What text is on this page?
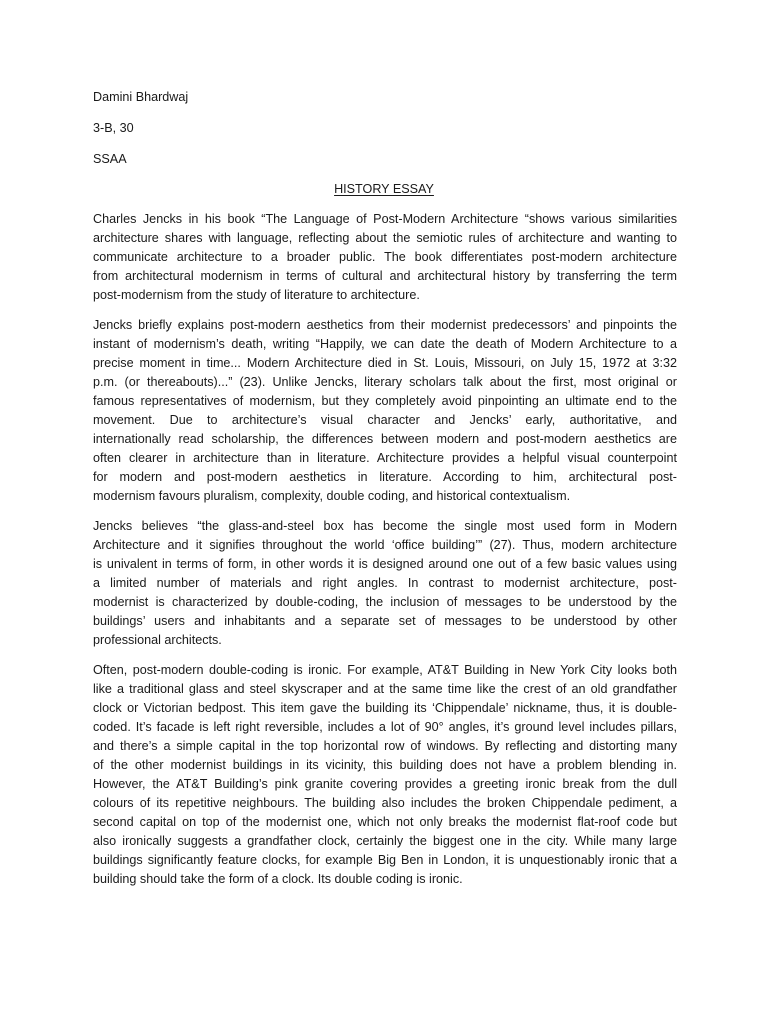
Damini Bhardwaj

3-B, 30

SSAA

HISTORY ESSAY

Charles Jencks in his book “The Language of Post-Modern Architecture “shows various similarities
architecture shares with language, reflecting about the semiotic rules of architecture and wanting to
communicate architecture to a broader public. The book differentiates post-modern architecture
from architectural modernism in terms of cultural and architectural history by transferring the term
post-modernism from the study of literature to architecture.
Jencks briefly explains post-modern aesthetics from their modernist predecessors’ and pinpoints the
instant of modernism’s death, writing “Happily, we can date the death of Modern Architecture to a
precise moment in time... Modern Architecture died in St. Louis, Missouri, on July 15, 1972 at 3:32
p.m. (or thereabouts)...” (23). Unlike Jencks, literary scholars talk about the first, most original or
famous representatives of modernism, but they completely avoid pinpointing an ultimate end to the
movement. Due to architecture’s visual character and Jencks’ early, authoritative, and
internationally read scholarship, the differences between modern and post-modern aesthetics are
often clearer in architecture than in literature. Architecture provides a helpful visual counterpoint
for modern and post-modern aesthetics in literature. According to him, architectural post-
modernism favours pluralism, complexity, double coding, and historical contextualism.
Jencks believes “the glass-and-steel box has become the single most used form in Modern
Architecture and it signifies throughout the world ‘office building’” (27). Thus, modern architecture
is univalent in terms of form, in other words it is designed around one out of a few basic values using
a limited number of materials and right angles. In contrast to modernist architecture, post-
modernist is characterized by double-coding, the inclusion of messages to be understood by the
buildings’ users and inhabitants and a separate set of messages to be understood by other
professional architects.
Often, post-modern double-coding is ironic. For example, AT&T Building in New York City looks both
like a traditional glass and steel skyscraper and at the same time like the crest of an old grandfather
clock or Victorian bedpost. This item gave the building its ‘Chippendale’ nickname, thus, it is double-
coded. It’s facade is left right reversible, includes a lot of 90° angles, it’s ground level includes pillars,
and there’s a simple capital in the top horizontal row of windows. By reflecting and distorting many
of the other modernist buildings in its vicinity, this building does not have a problem blending in.
However, the AT&T Building’s pink granite covering provides a greeting ironic break from the dull
colours of its repetitive neighbours. The building also includes the broken Chippendale pediment, a
second capital on top of the modernist one, which not only breaks the modernist flat-roof code but
also ironically suggests a grandfather clock, certainly the biggest one in the city. While many large
buildings significantly feature clocks, for example Big Ben in London, it is unquestionably ironic that a
building should take the form of a clock. Its double coding is ironic.
